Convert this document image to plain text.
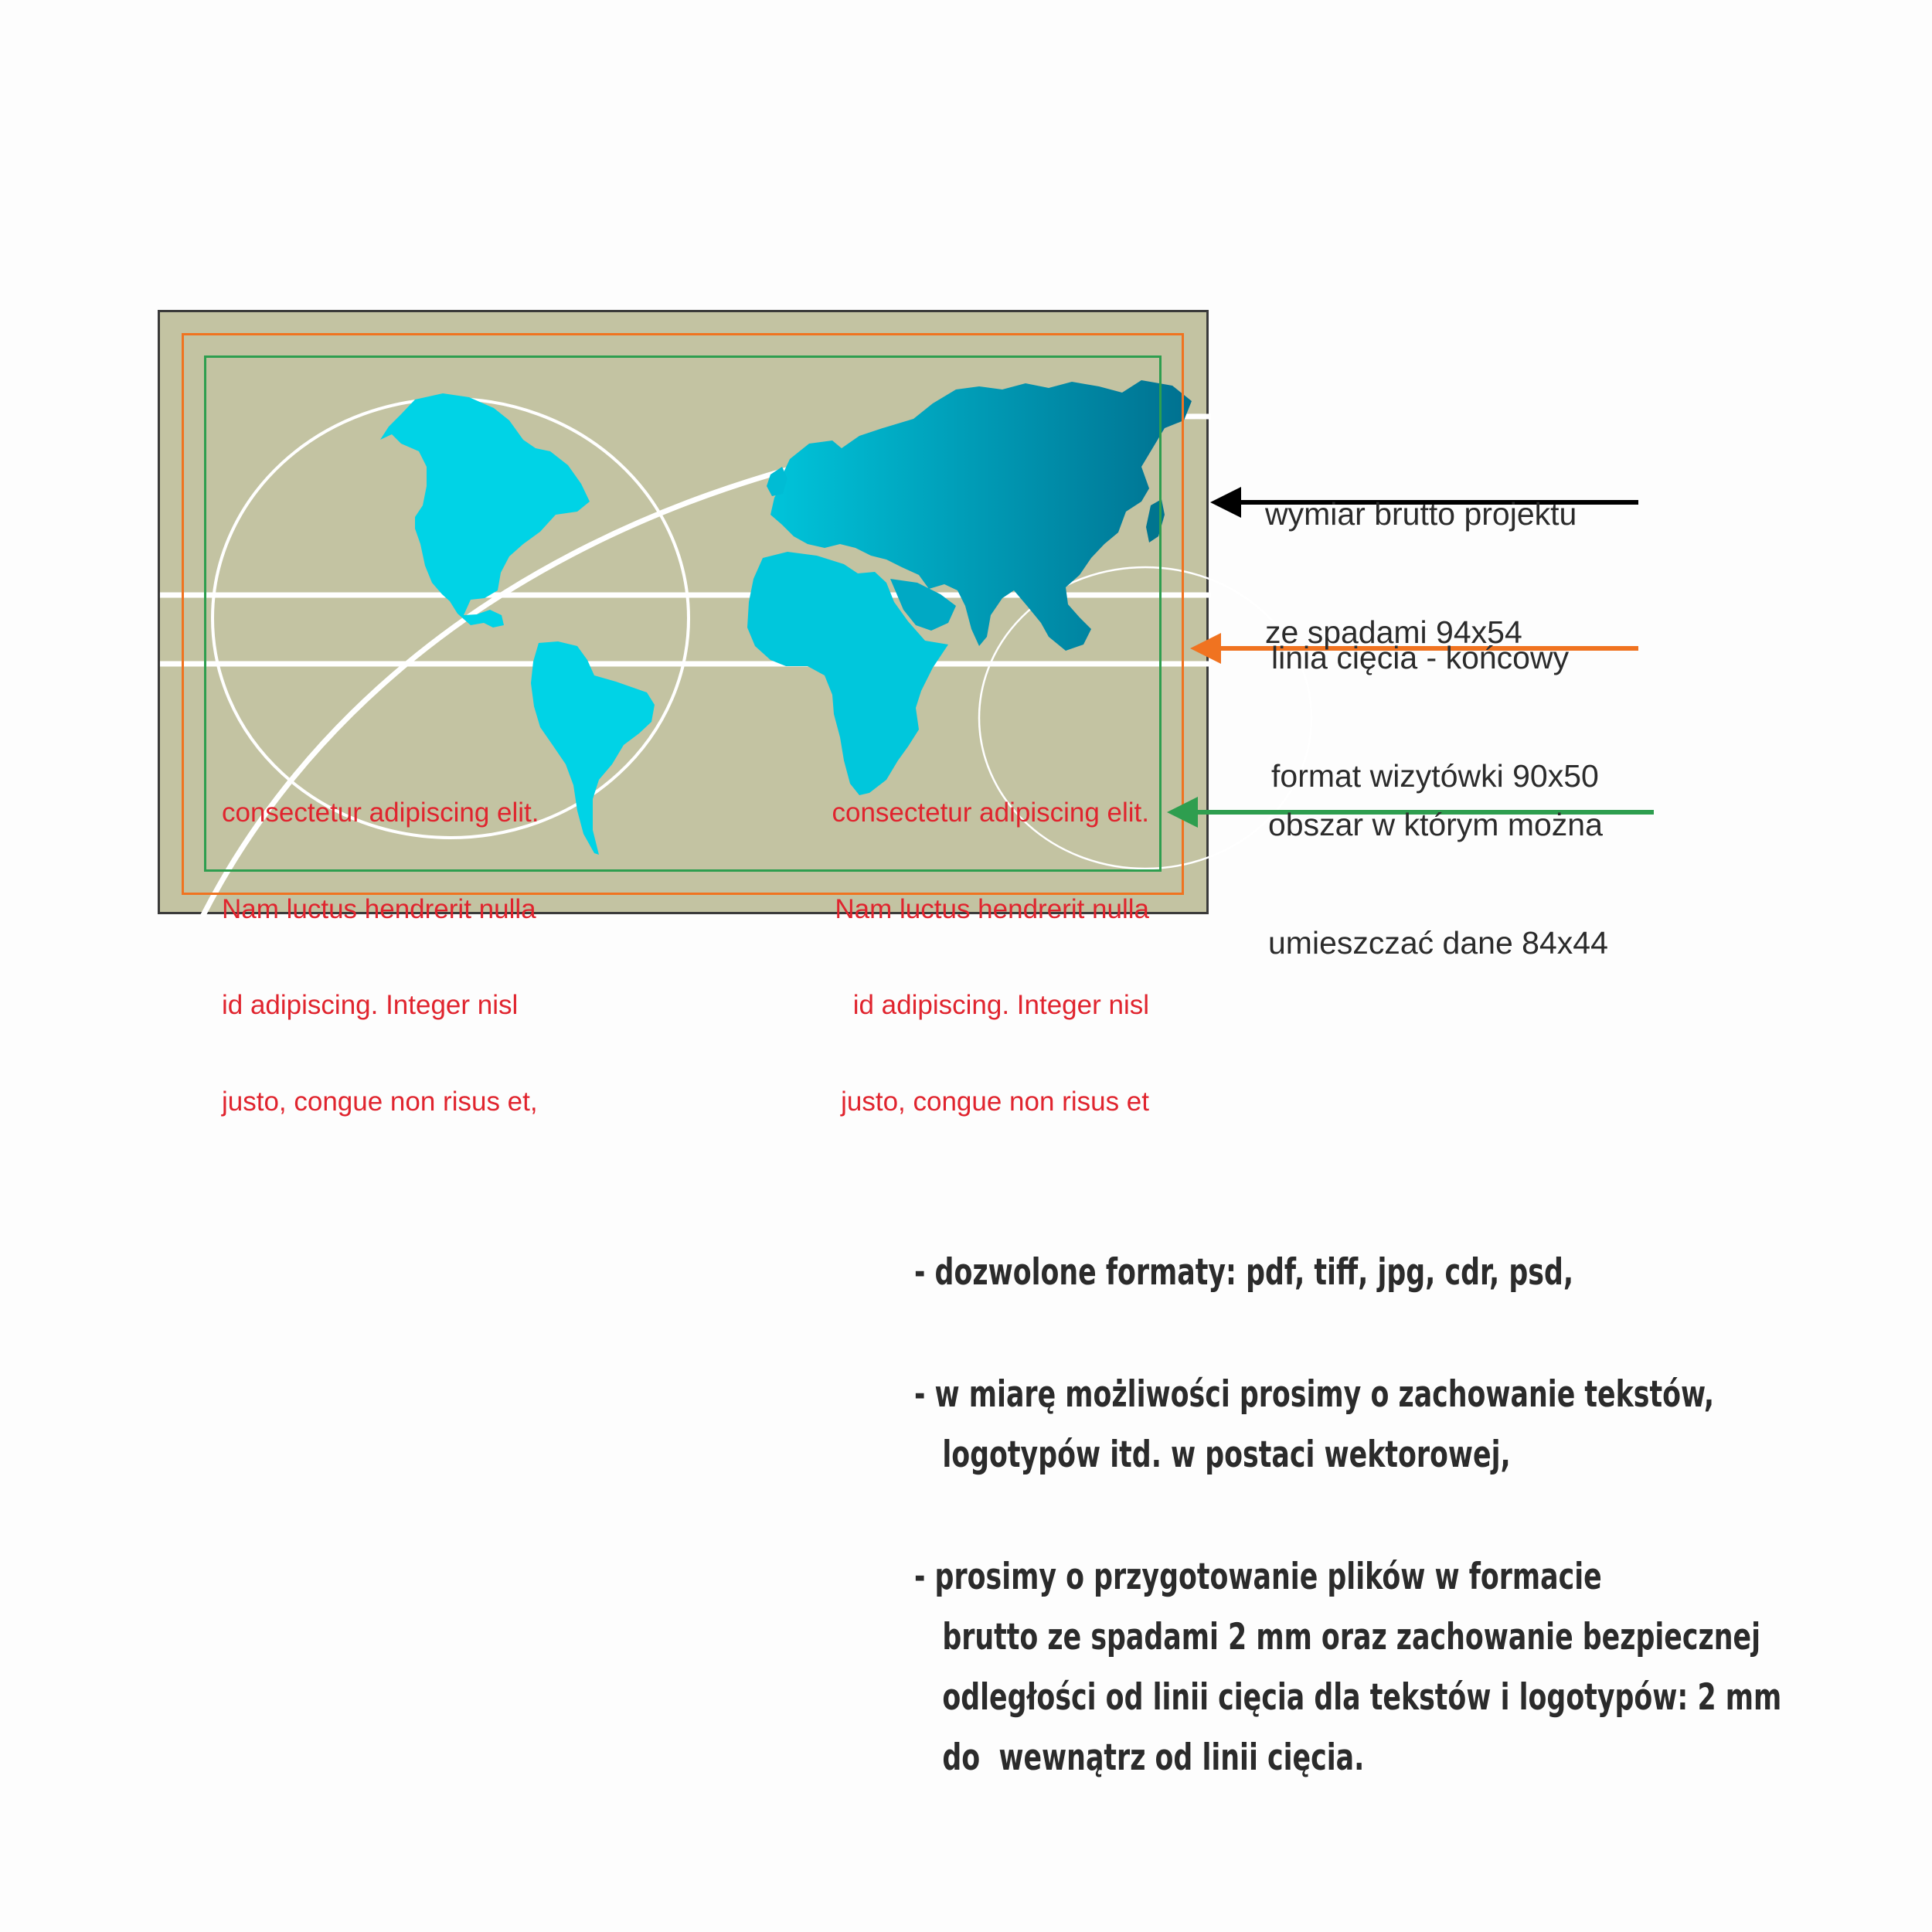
consectetur adipiscing elit.

Nam luctus hendrerit nulla

id adipiscing. Integer nisl

justo, congue non risus et,

consectetur adipiscing elit.

Nam luctus hendrerit nulla

id adipiscing. Integer nisl

justo, congue non risus et

wymiar brutto projektu

ze spadami 94x54

linia cięcia - końcowy

format wizytówki 90x50

obszar w którym można

umieszczać dane 84x44

- dozwolone formaty: pdf, tiff, jpg, cdr, psd,
- w miarę możliwości prosimy o zachowanie tekstów,
logotypów itd. w postaci wektorowej,
- prosimy o przygotowanie plików w formacie
brutto ze spadami 2 mm oraz zachowanie bezpiecznej
odległości od linii cięcia dla tekstów i logotypów: 2 mm
do  wewnątrz od linii cięcia.
